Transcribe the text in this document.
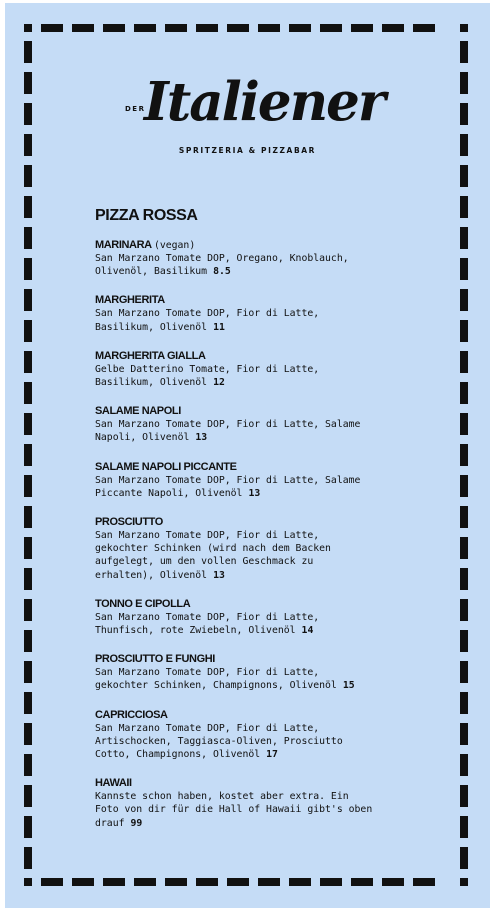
DER
Italiener
SPRITZERIA & PIZZABAR
PIZZA ROSSA
MARINARA (vegan)
San Marzano Tomate DOP, Oregano, Knoblauch,
Olivenöl, Basilikum 8.5
MARGHERITA
San Marzano Tomate DOP, Fior di Latte,
Basilikum, Olivenöl 11
MARGHERITA GIALLA
Gelbe Datterino Tomate, Fior di Latte,
Basilikum, Olivenöl 12
SALAME NAPOLI
San Marzano Tomate DOP, Fior di Latte, Salame
Napoli, Olivenöl 13
SALAME NAPOLI PICCANTE
San Marzano Tomate DOP, Fior di Latte, Salame
Piccante Napoli, Olivenöl 13
PROSCIUTTO
San Marzano Tomate DOP, Fior di Latte,
gekochter Schinken (wird nach dem Backen
aufgelegt, um den vollen Geschmack zu
erhalten), Olivenöl 13
TONNO E CIPOLLA
San Marzano Tomate DOP, Fior di Latte,
Thunfisch, rote Zwiebeln, Olivenöl 14
PROSCIUTTO E FUNGHI
San Marzano Tomate DOP, Fior di Latte,
gekochter Schinken, Champignons, Olivenöl 15
CAPRICCIOSA
San Marzano Tomate DOP, Fior di Latte,
Artischocken, Taggiasca-Oliven, Prosciutto
Cotto, Champignons, Olivenöl 17
HAWAII
Kannste schon haben, kostet aber extra. Ein
Foto von dir für die Hall of Hawaii gibt's oben
drauf 99
